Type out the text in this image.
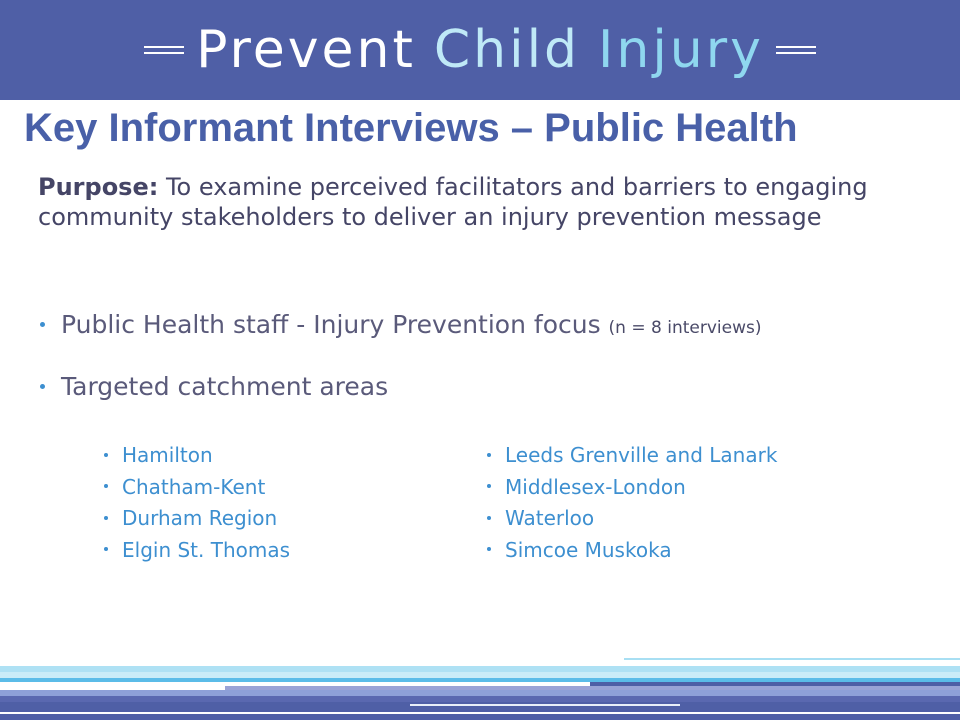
Prevent Child Injury
Key Informant Interviews – Public Health

Purpose: To examine perceived facilitators and barriers to engaging community stakeholders to deliver an injury prevention message

Public Health staff - Injury Prevention focus (n = 8 interviews)
Targeted catchment areas
Hamilton
Chatham-Kent
Durham Region
Elgin St. Thomas
Leeds Grenville and Lanark
Middlesex-London
Waterloo
Simcoe Muskoka
